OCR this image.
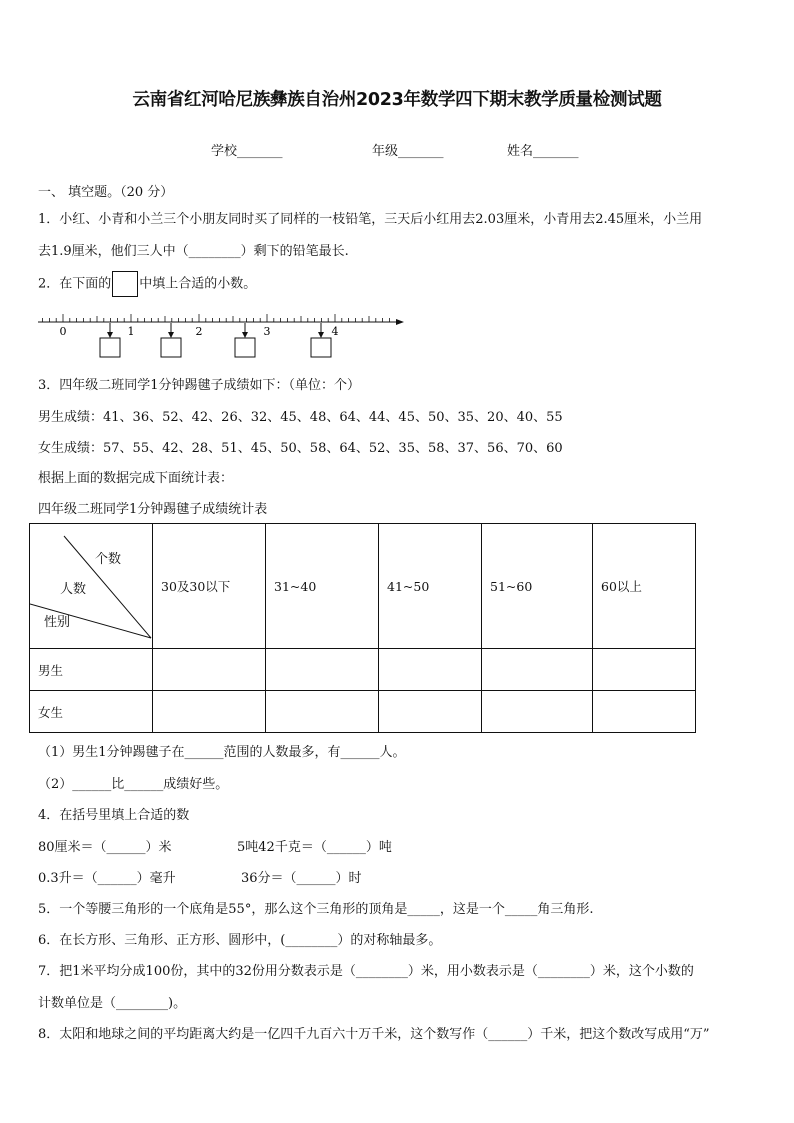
云南省红河哈尼族彝族自治州2023年数学四下期末教学质量检测试题
学校_______	年级_______	姓名_______
一、 填空题。（20 分）
1．小红、小青和小兰三个小朋友同时买了同样的一枝铅笔，三天后小红用去2.03厘米，小青用去2.45厘米，小兰用
去1.9厘米，他们三人中（________）剩下的铅笔最长.
2．在下面的 中填上合适的小数。
0	1	2	3	4
3．四年级二班同学1分钟踢毽子成绩如下：（单位：个）
男生成绩：41、36、52、42、26、32、45、48、64、44、45、50、35、20、40、55
女生成绩：57、55、42、28、51、45、50、58、64、52、35、58、37、56、70、60
根据上面的数据完成下面统计表：
四年级二班同学1分钟踢毽子成绩统计表
个数
人数
性别	30及30以下	31~40	41~50	51~60	60以上
男生					
女生					
（1）男生1分钟踢毽子在______范围的人数最多，有______人。
（2）______比______成绩好些。
4．在括号里填上合适的数
80厘米＝（______）米	5吨42千克＝（______）吨
0.3升＝（______）毫升	36分＝（______）时
5．一个等腰三角形的一个底角是55°，那么这个三角形的顶角是_____，这是一个_____角三角形.
6．在长方形、三角形、正方形、圆形中，(________）的对称轴最多。
7．把1米平均分成100份，其中的32份用分数表示是（________）米，用小数表示是（________）米，这个小数的
计数单位是（________)。
8．太阳和地球之间的平均距离大约是一亿四千九百六十万千米，这个数写作（______）千米，把这个数改写成用“万”
